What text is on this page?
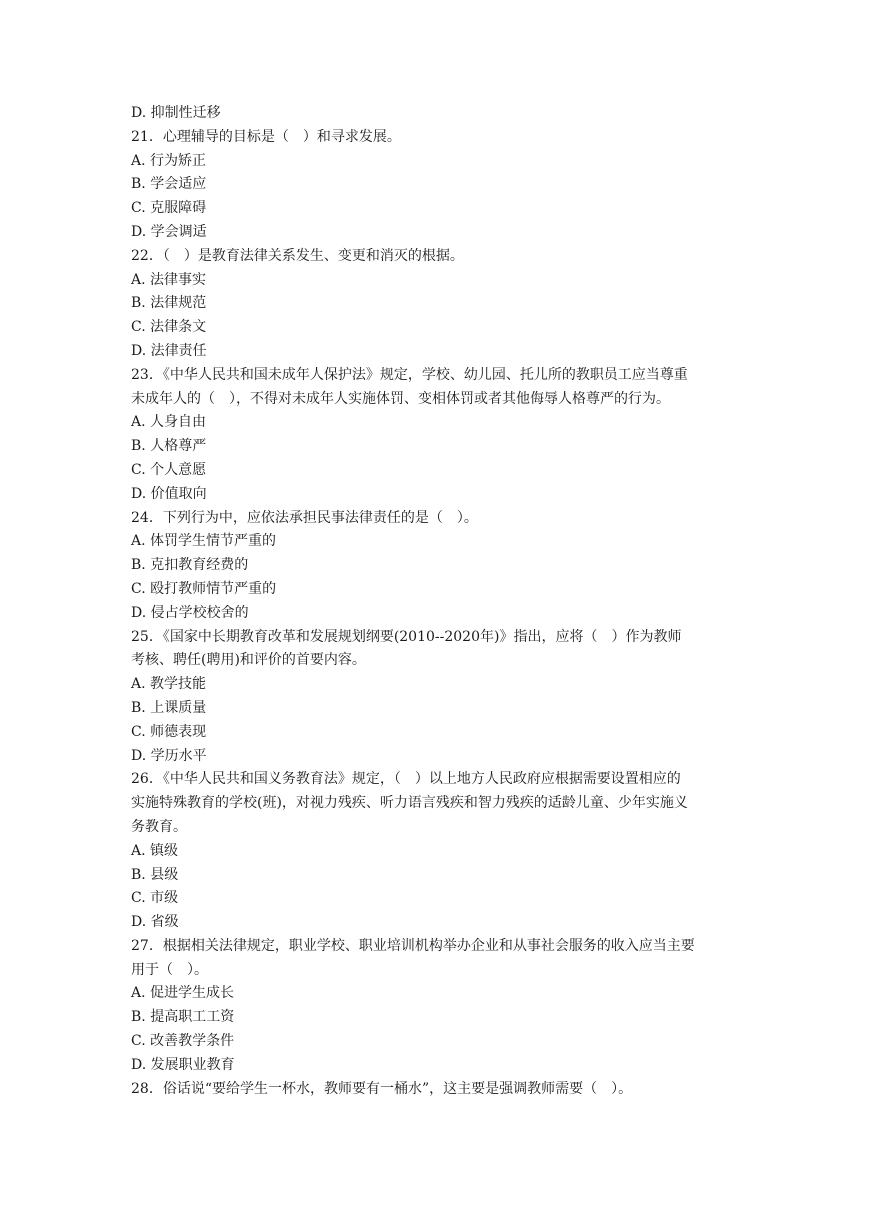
D. 抑制性迁移
21．心理辅导的目标是（　）和寻求发展。
A. 行为矫正
B. 学会适应
C. 克服障碍
D. 学会调适
22．（　）是教育法律关系发生、变更和消灭的根据。
A. 法律事实
B. 法律规范
C. 法律条文
D. 法律责任
23．《中华人民共和国未成年人保护法》规定，学校、幼儿园、托儿所的教职员工应当尊重
未成年人的（　），不得对未成年人实施体罚、变相体罚或者其他侮辱人格尊严的行为。
A. 人身自由
B. 人格尊严
C. 个人意愿
D. 价值取向
24．下列行为中，应依法承担民事法律责任的是（　）。
A. 体罚学生情节严重的
B. 克扣教育经费的
C. 殴打教师情节严重的
D. 侵占学校校舍的
25．《国家中长期教育改革和发展规划纲要(2010--2020年)》指出，应将（　）作为教师
考核、聘任(聘用)和评价的首要内容。
A. 教学技能
B. 上课质量
C. 师德表现
D. 学历水平
26．《中华人民共和国义务教育法》规定，（　）以上地方人民政府应根据需要设置相应的
实施特殊教育的学校(班)，对视力残疾、听力语言残疾和智力残疾的适龄儿童、少年实施义
务教育。
A. 镇级
B. 县级
C. 市级
D. 省级
27．根据相关法律规定，职业学校、职业培训机构举办企业和从事社会服务的收入应当主要
用于（　）。
A. 促进学生成长
B. 提高职工工资
C. 改善教学条件
D. 发展职业教育
28．俗话说“要给学生一杯水，教师要有一桶水”，这主要是强调教师需要（　）。
